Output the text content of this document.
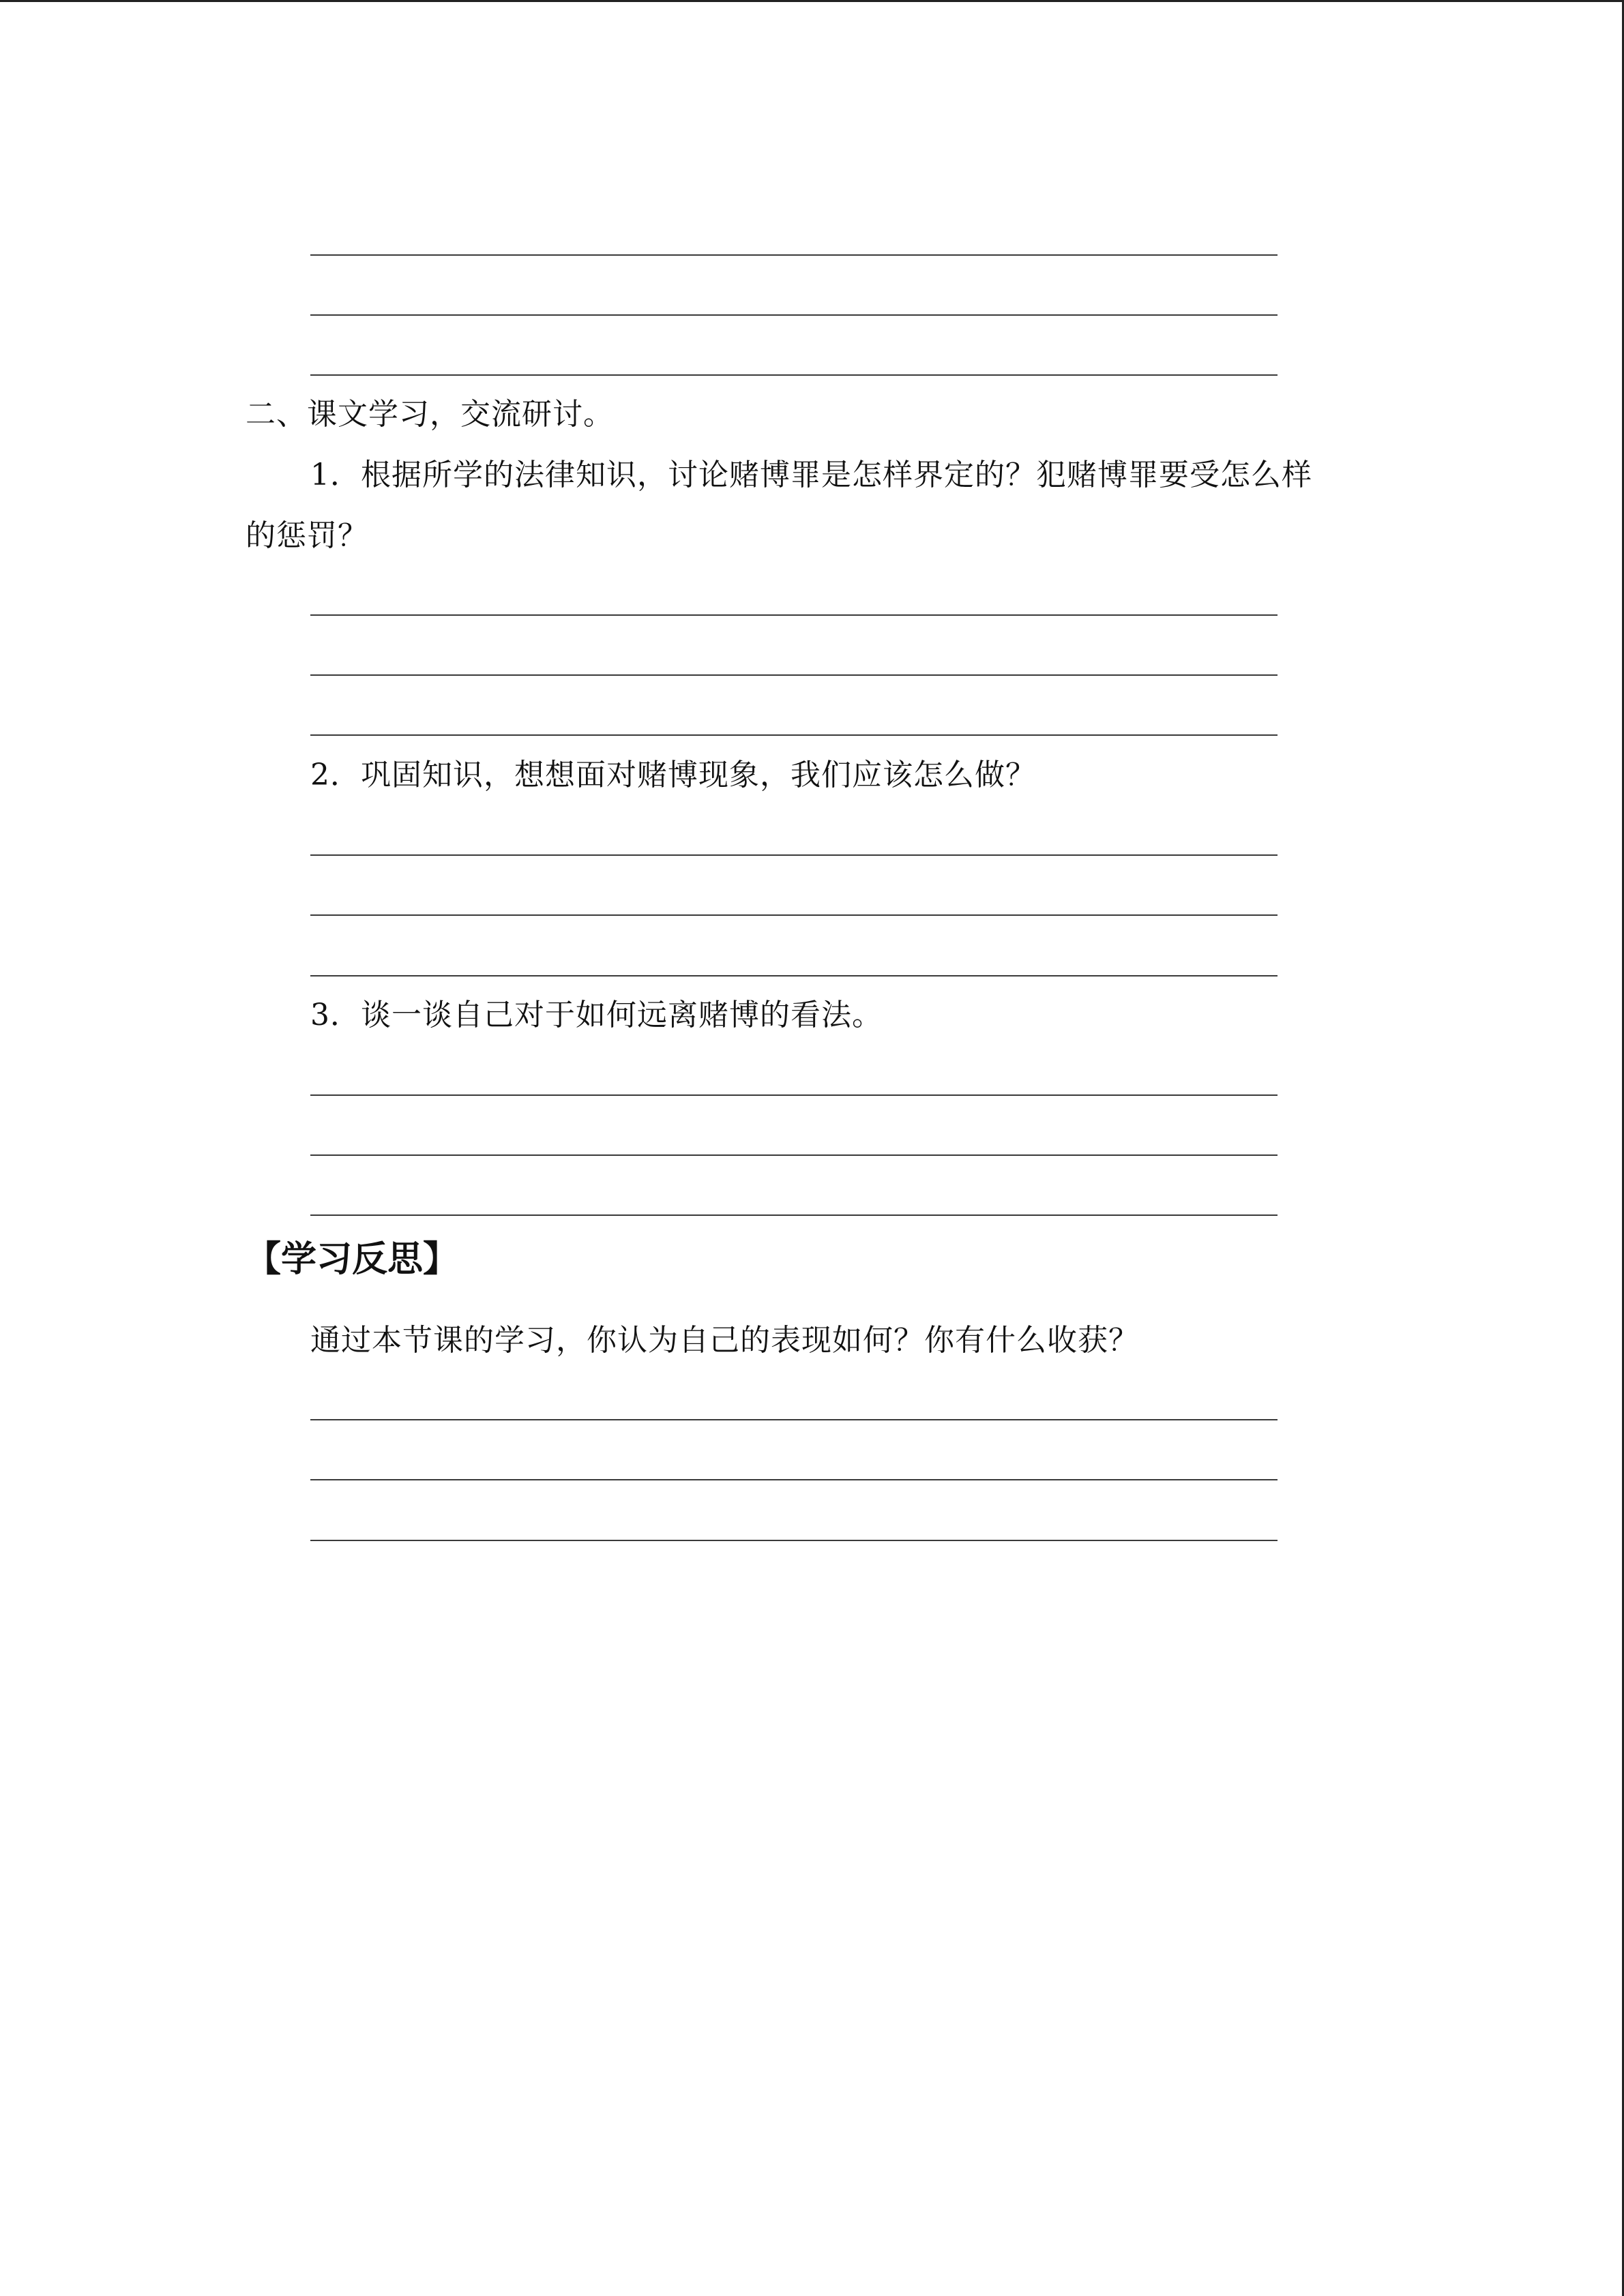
二、课文学习，交流研讨。
1．根据所学的法律知识，讨论赌博罪是怎样界定的？犯赌博罪要受怎么样
的惩罚？
2．巩固知识，想想面对赌博现象，我们应该怎么做？
3．谈一谈自己对于如何远离赌博的看法。
【学习反思】
通过本节课的学习，你认为自己的表现如何？你有什么收获？
